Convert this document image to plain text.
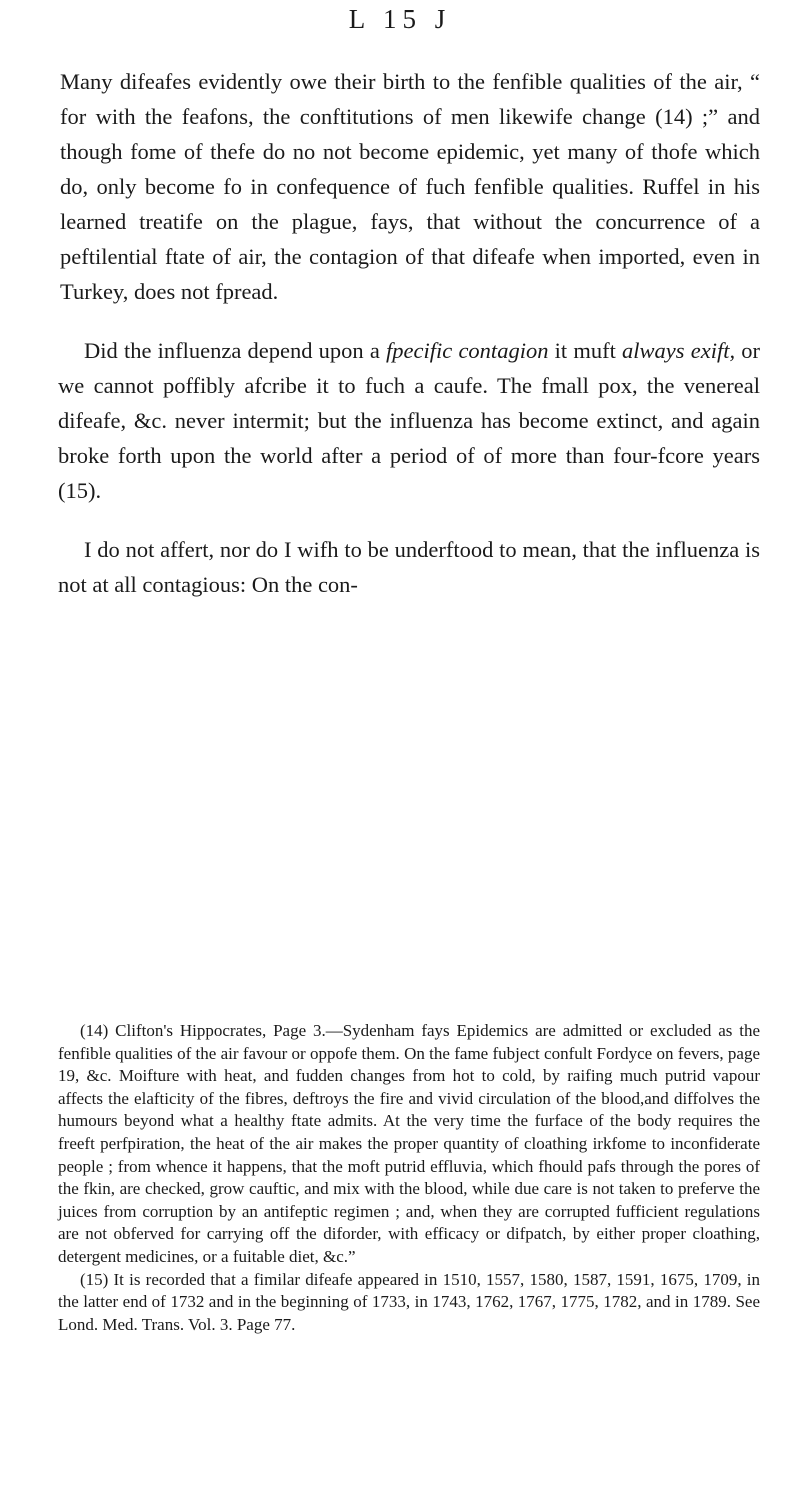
L 15 J

Many difeafes evidently owe their birth to the fenfible qualities of the air, “ for with the feafons, the conftitutions of men likewife change (14) ;” and though fome of thefe do no not become epidemic, yet many of thofe which do, only become fo in confequence of fuch fenfible qualities. Ruffel in his learned treatife on the plague, fays, that without the concurrence of a peftilential ftate of air, the contagion of that difeafe when imported, even in Turkey, does not fpread.

Did the influenza depend upon a fpecific contagion it muft always exift, or we cannot poffibly afcribe it to fuch a caufe. The fmall pox, the venereal difeafe, &c. never intermit; but the influenza has become extinct, and again broke forth upon the world after a period of of more than four-fcore years (15).

I do not affert, nor do I wifh to be underftood to mean, that the influenza is not at all contagious: On the con-

(14) Clifton's Hippocrates, Page 3.—Sydenham fays Epidemics are admitted or excluded as the fenfible qualities of the air favour or oppofe them. On the fame fubject confult Fordyce on fevers, page 19, &c. Moifture with heat, and fudden changes from hot to cold, by raifing much putrid vapour affects the elafticity of the fibres, deftroys the fire and vivid circulation of the blood,and diffolves the humours beyond what a healthy ftate admits. At the very time the furface of the body requires the freeft perfpiration, the heat of the air makes the proper quantity of cloathing irkfome to inconfiderate people ; from whence it happens, that the moft putrid effluvia, which fhould pafs through the pores of the fkin, are checked, grow cauftic, and mix with the blood, while due care is not taken to preferve the juices from corruption by an antifeptic regimen ; and, when they are corrupted fufficient regulations are not obferved for carrying off the diforder, with efficacy or difpatch, by either proper cloathing, detergent medicines, or a fuitable diet, &c.”

(15) It is recorded that a fimilar difeafe appeared in 1510, 1557, 1580, 1587, 1591, 1675, 1709, in the latter end of 1732 and in the beginning of 1733, in 1743, 1762, 1767, 1775, 1782, and in 1789. See Lond. Med. Trans. Vol. 3. Page 77.
